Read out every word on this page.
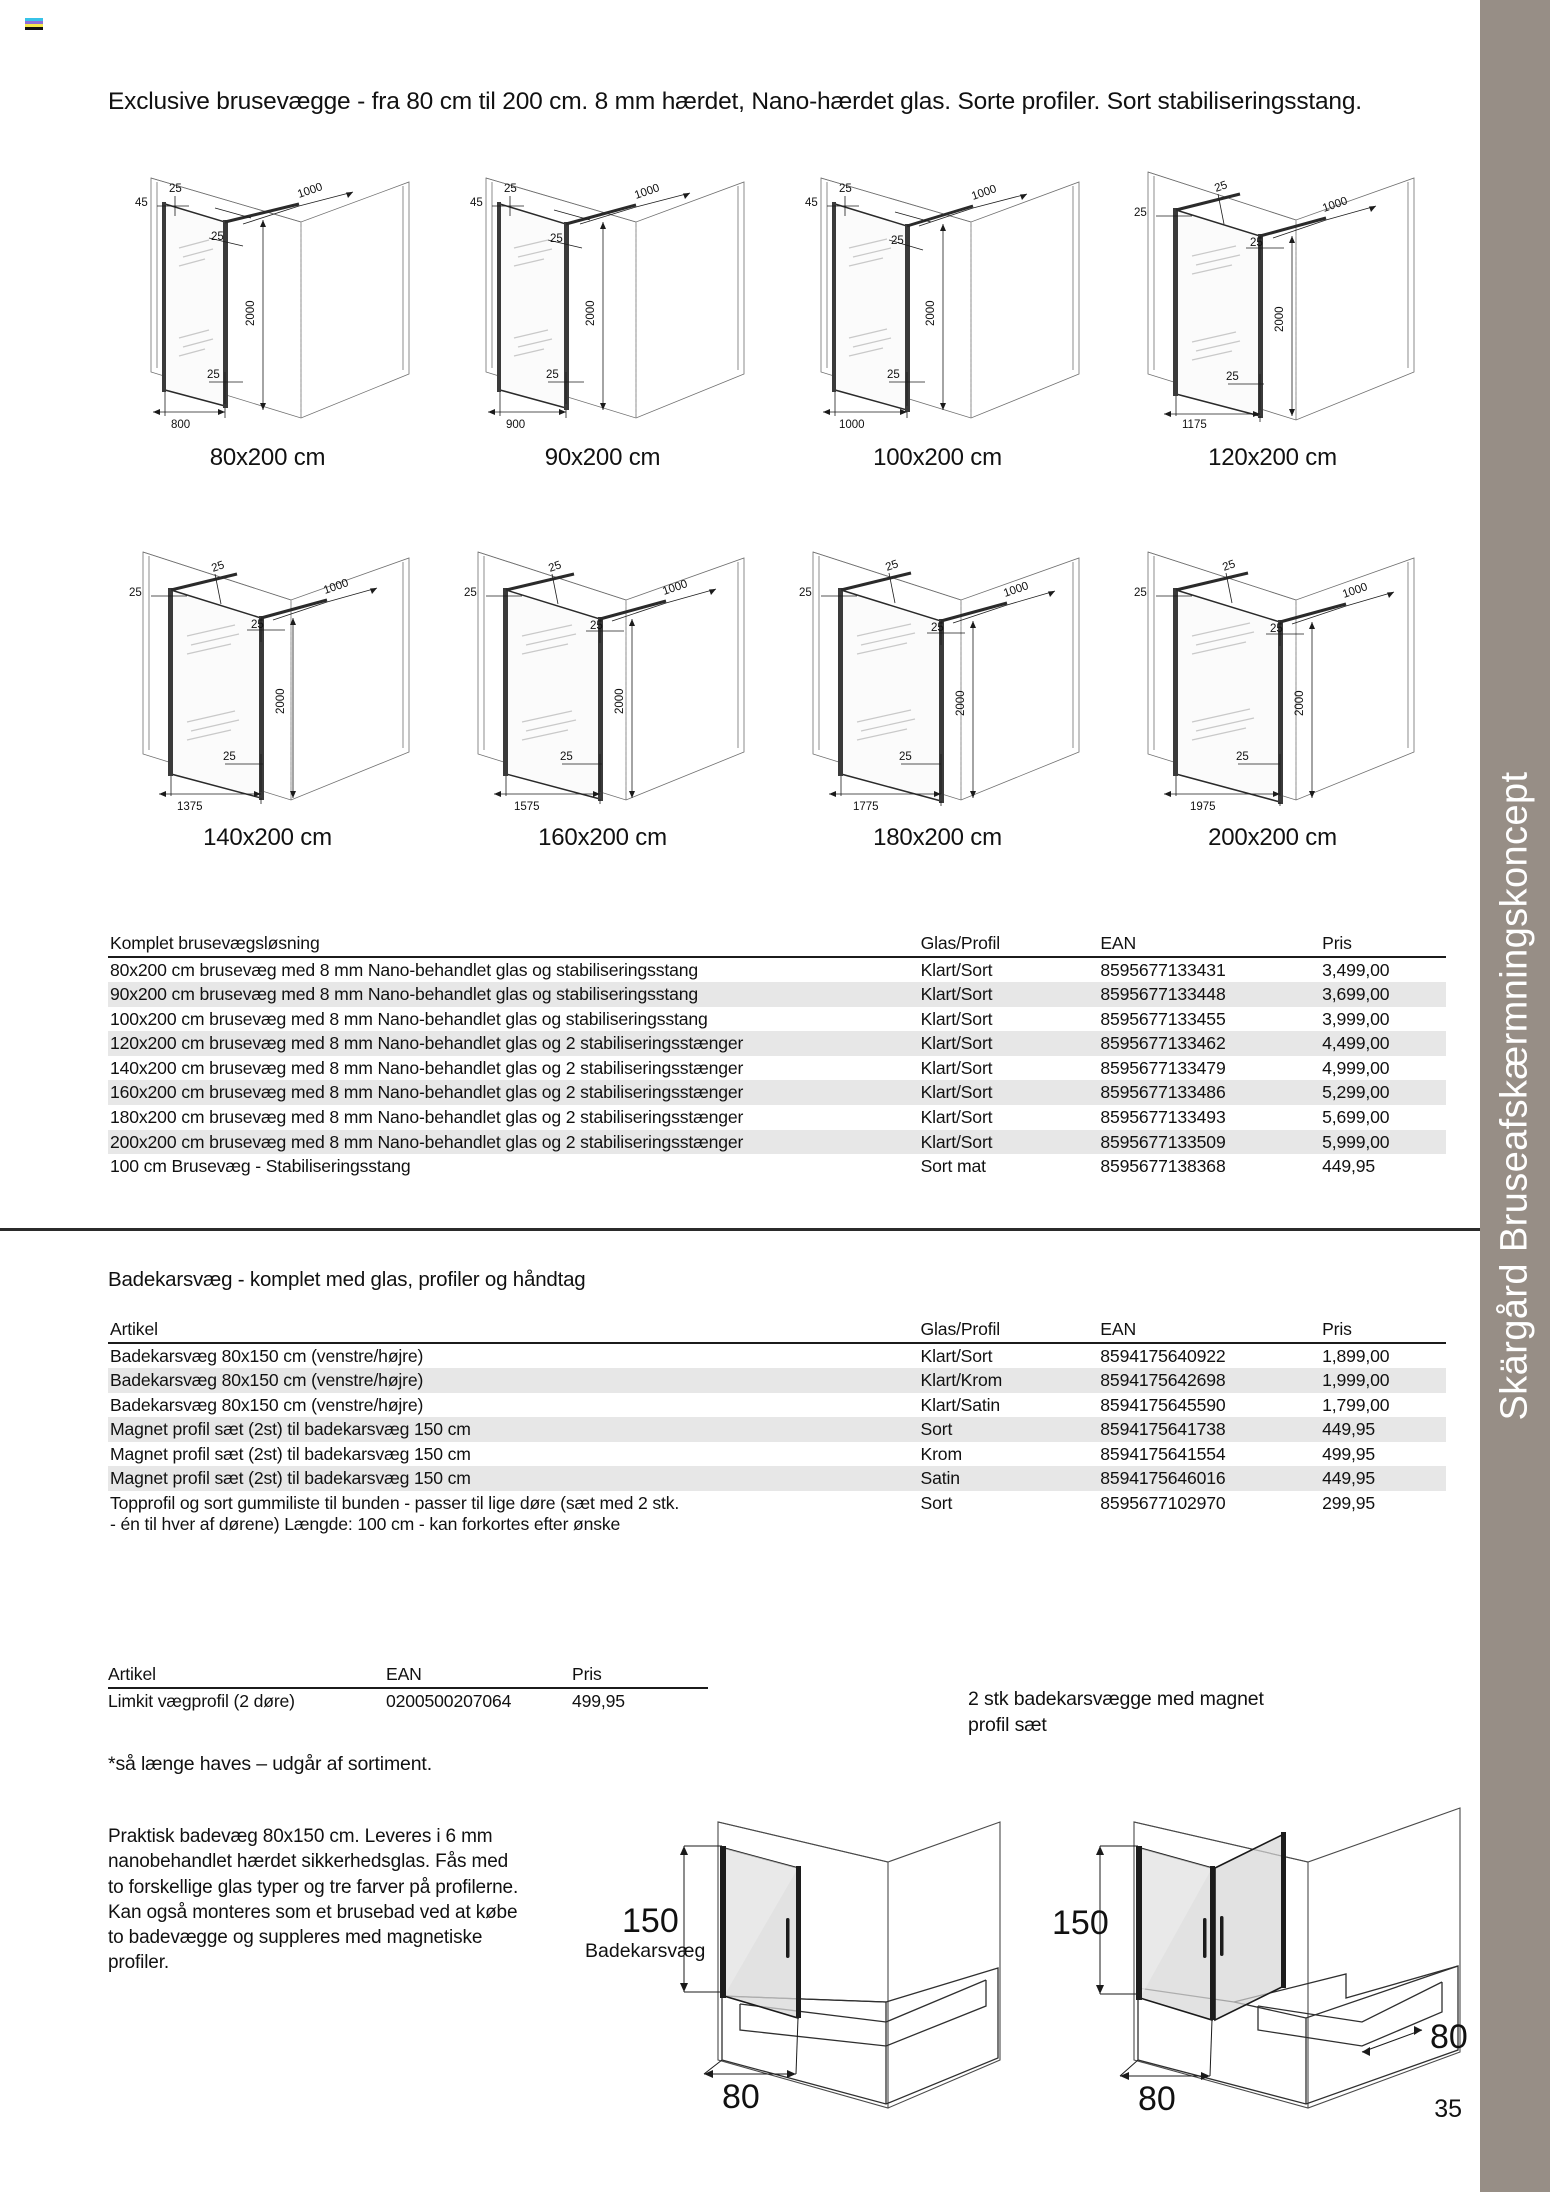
Exclusive brusevægge - fra 80 cm til 200 cm. 8 mm hærdet, Nano-hærdet glas. Sorte profiler. Sort stabiliseringsstang.
800
1000
2000
45
25
25
25
80x200 cm
900
1000
2000
45
25
25
25
90x200 cm
1000
1000
2000
45
25
25
25
100x200 cm
1175
1000
2000
25
25
25
25
120x200 cm
1375
1000
2000
25
25
25
25
140x200 cm
1575
1000
2000
25
25
25
25
160x200 cm
1775
1000
2000
25
25
25
25
180x200 cm
1975
1000
2000
25
25
25
25
200x200 cm
Komplet brusevægsløsning	Glas/Profil	EAN	Pris
80x200 cm brusevæg med 8 mm Nano-behandlet glas og stabiliseringsstang	Klart/Sort	8595677133431	3,499,00
90x200 cm brusevæg med 8 mm Nano-behandlet glas og stabiliseringsstang	Klart/Sort	8595677133448	3,699,00
100x200 cm brusevæg med 8 mm Nano-behandlet glas og stabiliseringsstang	Klart/Sort	8595677133455	3,999,00
120x200 cm brusevæg med 8 mm Nano-behandlet glas og 2 stabiliseringsstænger	Klart/Sort	8595677133462	4,499,00
140x200 cm brusevæg med 8 mm Nano-behandlet glas og 2 stabiliseringsstænger	Klart/Sort	8595677133479	4,999,00
160x200 cm brusevæg med 8 mm Nano-behandlet glas og 2 stabiliseringsstænger	Klart/Sort	8595677133486	5,299,00
180x200 cm brusevæg med 8 mm Nano-behandlet glas og 2 stabiliseringsstænger	Klart/Sort	8595677133493	5,699,00
200x200 cm brusevæg med 8 mm Nano-behandlet glas og 2 stabiliseringsstænger	Klart/Sort	8595677133509	5,999,00
100 cm Brusevæg - Stabiliseringsstang	Sort mat	8595677138368	449,95
Badekarsvæg - komplet med glas, profiler og håndtag
Artikel	Glas/Profil	EAN	Pris
Badekarsvæg 80x150 cm (venstre/højre)	Klart/Sort	8594175640922	1,899,00
Badekarsvæg 80x150 cm (venstre/højre)	Klart/Krom	8594175642698	1,999,00
Badekarsvæg 80x150 cm (venstre/højre)	Klart/Satin	8594175645590	1,799,00
Magnet profil sæt (2st) til badekarsvæg 150 cm	Sort	8594175641738	449,95
Magnet profil sæt (2st) til badekarsvæg 150 cm	Krom	8594175641554	499,95
Magnet profil sæt (2st) til badekarsvæg 150 cm	Satin	8594175646016	449,95
Topprofil og sort gummiliste til bunden - passer til lige døre (sæt med 2 stk.
- én til hver af dørene) Længde: 100 cm - kan forkortes efter ønske	Sort	8595677102970	299,95
Artikel	EAN	Pris
Limkit vægprofil (2 døre)	0200500207064	499,95
*så længe haves – udgår af sortiment.
Praktisk badevæg 80x150 cm. Leveres i 6 mm nanobehandlet hærdet sikkerhedsglas. Fås med to forskellige glas typer og tre farver på profilerne. Kan også monteres som et brusebad ved at købe to badevægge og suppleres med magnetiske profiler.
2 stk badekarsvægge med magnet profil sæt
150
80
Badekarsvæg
150
80
80
Skärgård Bruseafskærmningskoncept
35
